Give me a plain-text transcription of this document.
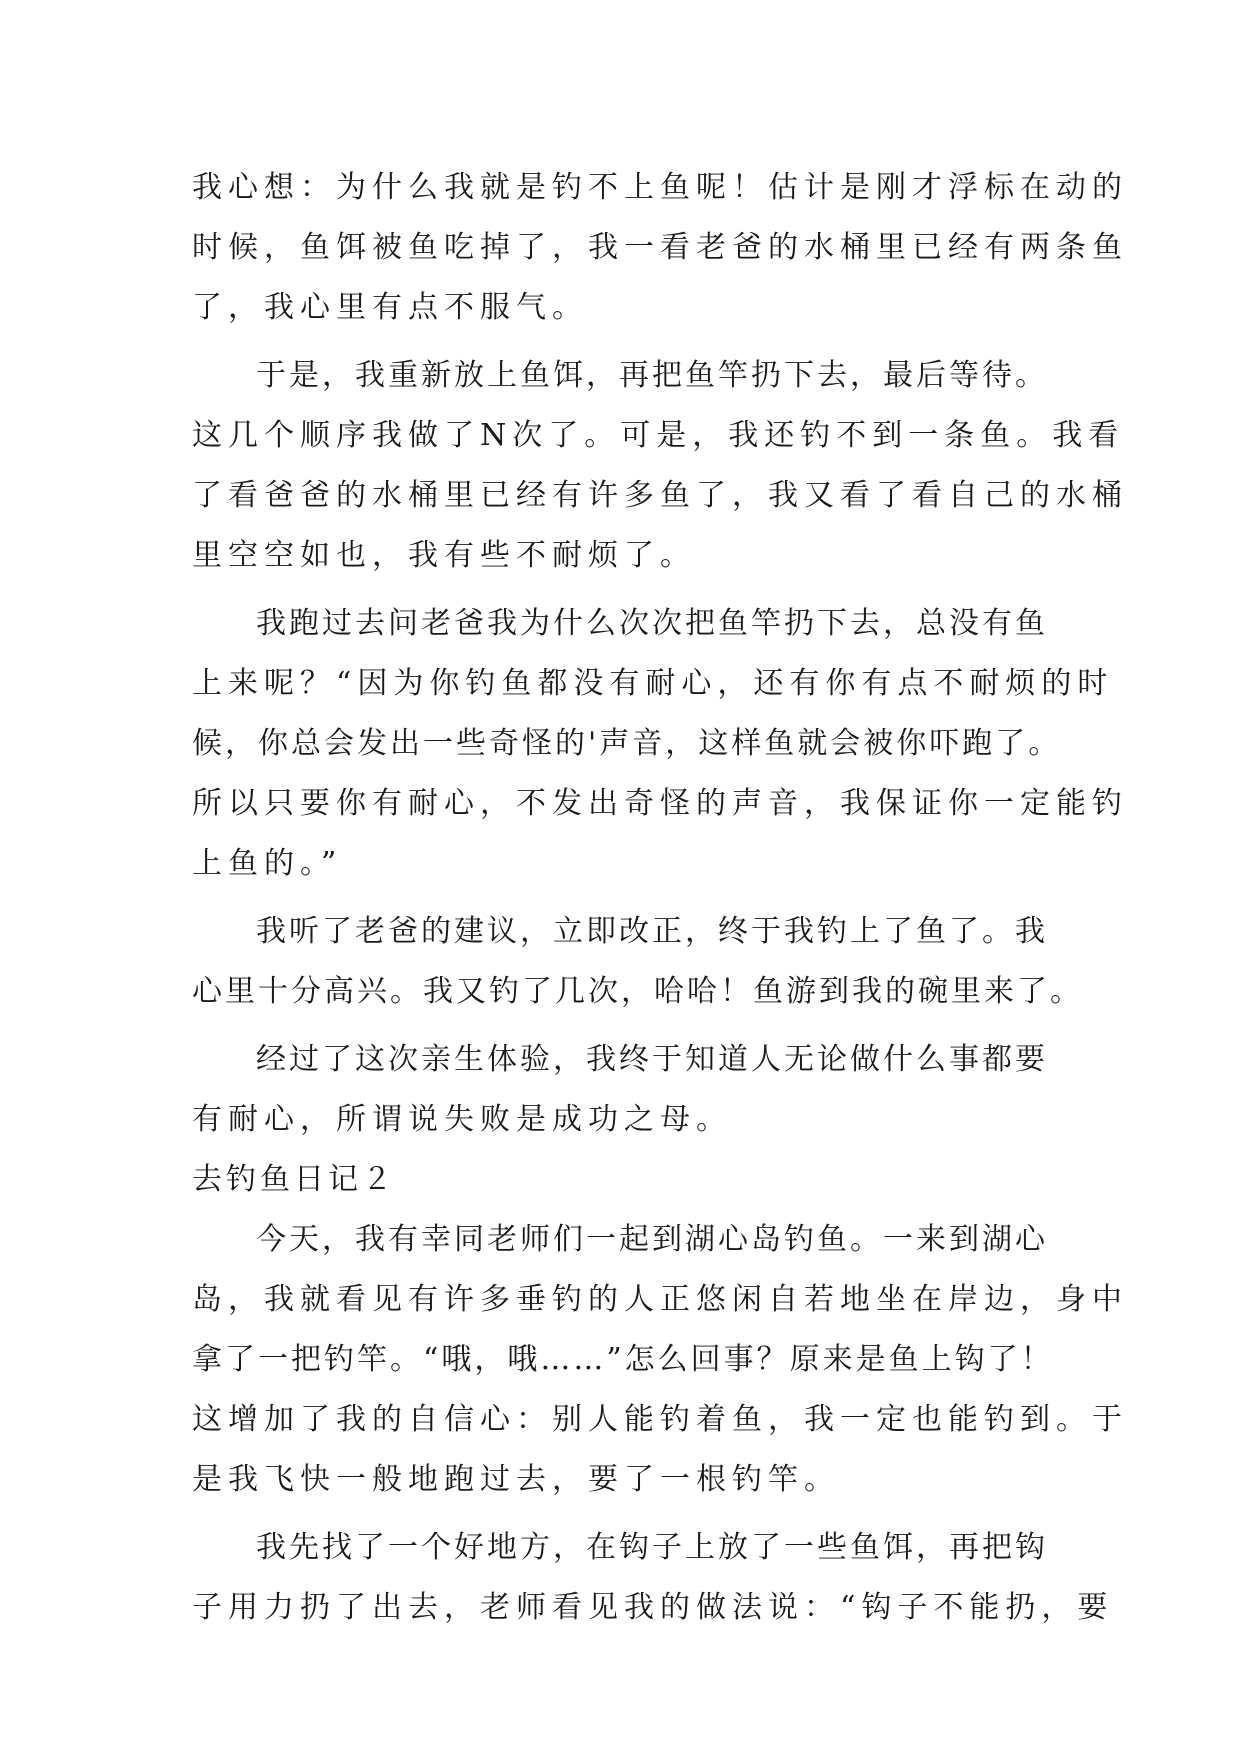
我心想：为什么我就是钓不上鱼呢！估计是刚才浮标在动的
时候，鱼饵被鱼吃掉了，我一看老爸的水桶里已经有两条鱼
了，我心里有点不服气。
于是，我重新放上鱼饵，再把鱼竿扔下去，最后等待。
这几个顺序我做了N次了。可是，我还钓不到一条鱼。我看
了看爸爸的水桶里已经有许多鱼了，我又看了看自己的水桶
里空空如也，我有些不耐烦了。
我跑过去问老爸我为什么次次把鱼竿扔下去，总没有鱼
上来呢？“因为你钓鱼都没有耐心，还有你有点不耐烦的时
候，你总会发出一些奇怪的'声音，这样鱼就会被你吓跑了。
所以只要你有耐心，不发出奇怪的声音，我保证你一定能钓
上鱼的。”
我听了老爸的建议，立即改正，终于我钓上了鱼了。我
心里十分高兴。我又钓了几次，哈哈！鱼游到我的碗里来了。
经过了这次亲生体验，我终于知道人无论做什么事都要
有耐心，所谓说失败是成功之母。
去钓鱼日记２
今天，我有幸同老师们一起到湖心岛钓鱼。一来到湖心
岛，我就看见有许多垂钓的人正悠闲自若地坐在岸边，身中
拿了一把钓竿。“哦，哦……”怎么回事？原来是鱼上钩了！
这增加了我的自信心：别人能钓着鱼，我一定也能钓到。于
是我飞快一般地跑过去，要了一根钓竿。
我先找了一个好地方，在钩子上放了一些鱼饵，再把钩
子用力扔了出去，老师看见我的做法说：“钩子不能扔，要
